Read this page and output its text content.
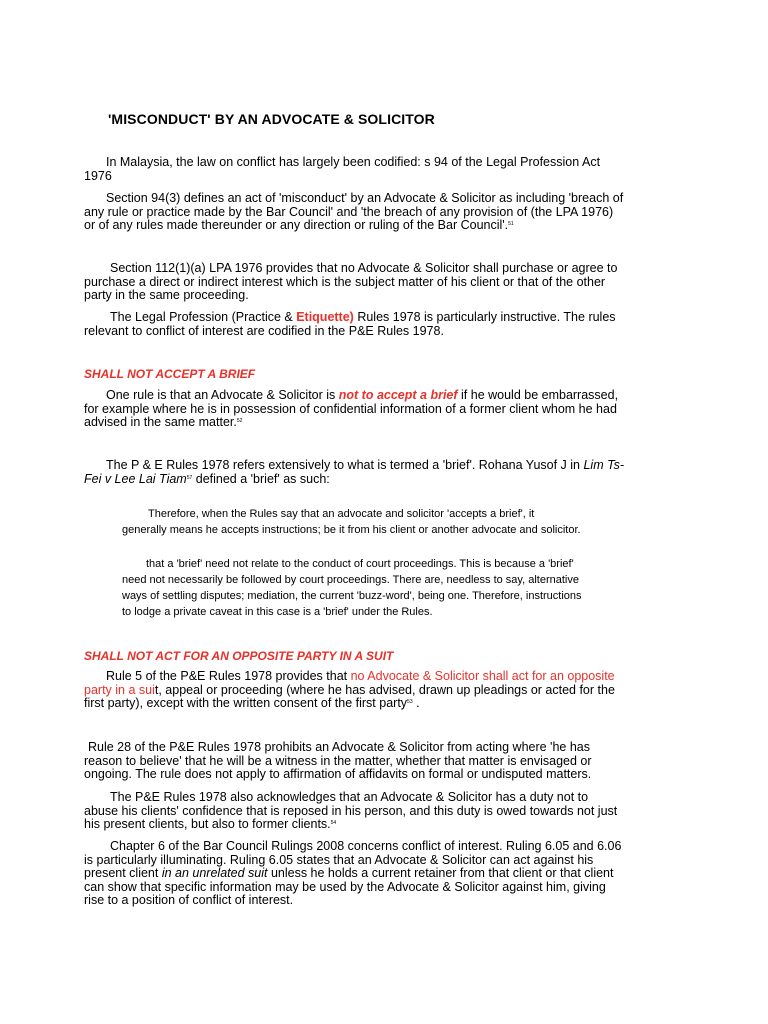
'MISCONDUCT' BY AN ADVOCATE & SOLICITOR

In Malaysia, the law on conflict has largely been codified: s 94 of the Legal Profession Act 1976

Section 94(3) defines an act of 'misconduct' by an Advocate & Solicitor as including 'breach of any rule or practice made by the Bar Council' and 'the breach of any provision of (the LPA 1976) or of any rules made thereunder or any direction or ruling of the Bar Council'.$^{51}$

Section 112(1)(a) LPA 1976 provides that no Advocate & Solicitor shall purchase or agree to purchase a direct or indirect interest which is the subject matter of his client or that of the other party in the same proceeding.

The Legal Profession (Practice & Etiquette) Rules 1978 is particularly instructive. The rules relevant to conflict of interest are codified in the P&E Rules 1978.

SHALL NOT ACCEPT A BRIEF

One rule is that an Advocate & Solicitor is not to accept a brief if he would be embarrassed, for example where he is in possession of confidential information of a former client whom he had advised in the same matter.$^{52}$

The P & E Rules 1978 refers extensively to what is termed a 'brief'. Rohana Yusof J in Lim Ts-Fei v Lee Lai Tiam$^{57}$ defined a 'brief' as such:

Therefore, when the Rules say that an advocate and solicitor 'accepts a brief', it generally means he accepts instructions; be it from his client or another advocate and solicitor.

that a 'brief' need not relate to the conduct of court proceedings. This is because a 'brief' need not necessarily be followed by court proceedings. There are, needless to say, alternative ways of settling disputes; mediation, the current 'buzz-word', being one. Therefore, instructions to lodge a private caveat in this case is a 'brief' under the Rules.

SHALL NOT ACT FOR AN OPPOSITE PARTY IN A SUIT

Rule 5 of the P&E Rules 1978 provides that no Advocate & Solicitor shall act for an opposite party in a suit, appeal or proceeding (where he has advised, drawn up pleadings or acted for the first party), except with the written consent of the first party$^{53}$ .

Rule 28 of the P&E Rules 1978 prohibits an Advocate & Solicitor from acting where 'he has reason to believe' that he will be a witness in the matter, whether that matter is envisaged or ongoing. The rule does not apply to affirmation of affidavits on formal or undisputed matters.

The P&E Rules 1978 also acknowledges that an Advocate & Solicitor has a duty not to abuse his clients' confidence that is reposed in his person, and this duty is owed towards not just his present clients, but also to former clients.$^{54}$

Chapter 6 of the Bar Council Rulings 2008 concerns conflict of interest. Ruling 6.05 and 6.06 is particularly illuminating. Ruling 6.05 states that an Advocate & Solicitor can act against his present client in an unrelated suit unless he holds a current retainer from that client or that client can show that specific information may be used by the Advocate & Solicitor against him, giving rise to a position of conflict of interest.
